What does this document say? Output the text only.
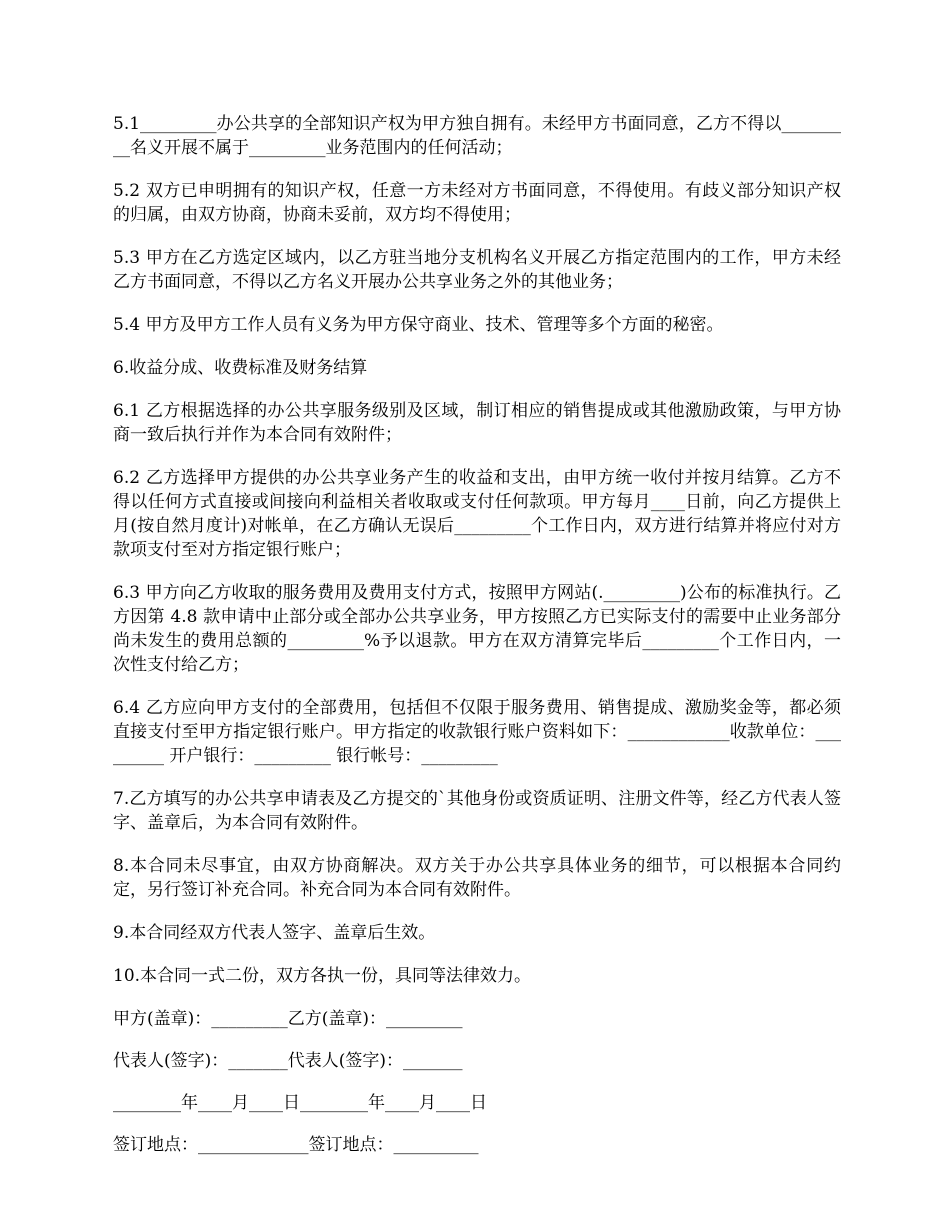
5.1_________办公共享的全部知识产权为甲方独自拥有。未经甲方书面同意，乙方不得以_________名义开展不属于_________业务范围内的任何活动；

5.2 双方已申明拥有的知识产权，任意一方未经对方书面同意，不得使用。有歧义部分知识产权的归属，由双方协商，协商未妥前，双方均不得使用；

5.3 甲方在乙方选定区域内，以乙方驻当地分支机构名义开展乙方指定范围内的工作，甲方未经乙方书面同意，不得以乙方名义开展办公共享业务之外的其他业务；

5.4 甲方及甲方工作人员有义务为甲方保守商业、技术、管理等多个方面的秘密。

6.收益分成、收费标准及财务结算

6.1 乙方根据选择的办公共享服务级别及区域，制订相应的销售提成或其他激励政策，与甲方协商一致后执行并作为本合同有效附件；

6.2 乙方选择甲方提供的办公共享业务产生的收益和支出，由甲方统一收付并按月结算。乙方不得以任何方式直接或间接向利益相关者收取或支付任何款项。甲方每月____日前，向乙方提供上月(按自然月度计)对帐单，在乙方确认无误后_________个工作日内，双方进行结算并将应付对方款项支付至对方指定银行账户；

6.3 甲方向乙方收取的服务费用及费用支付方式，按照甲方网站(._________)公布的标准执行。乙方因第 4.8 款申请中止部分或全部办公共享业务，甲方按照乙方已实际支付的需要中止业务部分尚未发生的费用总额的_________%予以退款。甲方在双方清算完毕后_________个工作日内，一次性支付给乙方；

6.4 乙方应向甲方支付的全部费用，包括但不仅限于服务费用、销售提成、激励奖金等，都必须直接支付至甲方指定银行账户。甲方指定的收款银行账户资料如下：____________收款单位：_________ 开户银行：_________ 银行帐号：_________

7.乙方填写的办公共享申请表及乙方提交的`其他身份或资质证明、注册文件等，经乙方代表人签字、盖章后，为本合同有效附件。

8.本合同未尽事宜，由双方协商解决。双方关于办公共享具体业务的细节，可以根据本合同约定，另行签订补充合同。补充合同为本合同有效附件。

9.本合同经双方代表人签字、盖章后生效。

10.本合同一式二份，双方各执一份，具同等法律效力。

甲方(盖章)：_________乙方(盖章)：_________

代表人(签字)：_______代表人(签字)：_______

________年____月____日________年____月____日

签订地点：_____________签订地点：__________
